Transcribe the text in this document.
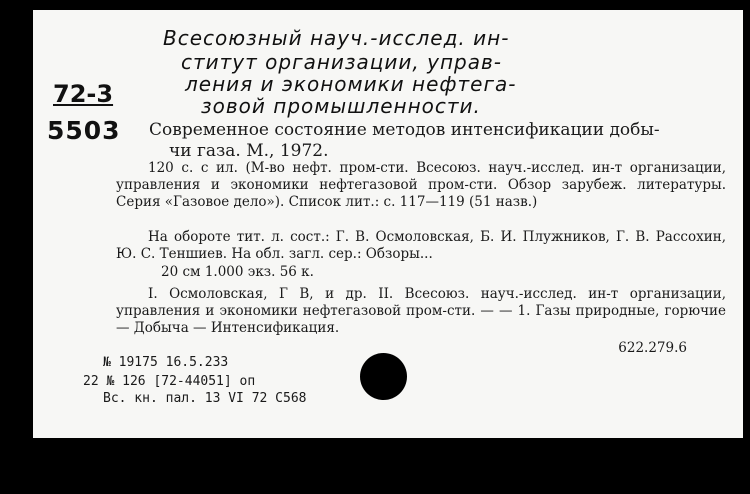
Всесоюзный науч.-исслед. ин-
ститут организации, управ-
ления и экономики нефтега-
зовой промышленности.
72-3
5503 Современное состояние методов интенсификации добы-
чи газа. М., 1972.
120 с. с ил. (М-во нефт. пром-сти. Всесоюз. науч.-исслед. ин-т организации, управления и экономики нефтегазовой пром-сти. Обзор зарубеж. литературы. Серия «Газовое дело»). Список лит.: с. 117—119 (51 назв.)
На обороте тит. л. сост.: Г. В. Осмоловская, Б. И. Плужников, Г. В. Рассохин, Ю. С. Теншиев. На обл. загл. сер.: Обзоры...
20 см 1.000 экз. 56 к.
I. Осмоловская, Г В, и др. II. Всесоюз. науч.-исслед. ин-т организации, управления и экономики нефтегазовой пром-сти. — — 1. Газы природные, горючие — Добыча — Интенсификация.
622.279.6
№ 19175 16.5.233
22 № 126 [72-44051] оп
Вс. кн. пал. 13 VI 72 С568
